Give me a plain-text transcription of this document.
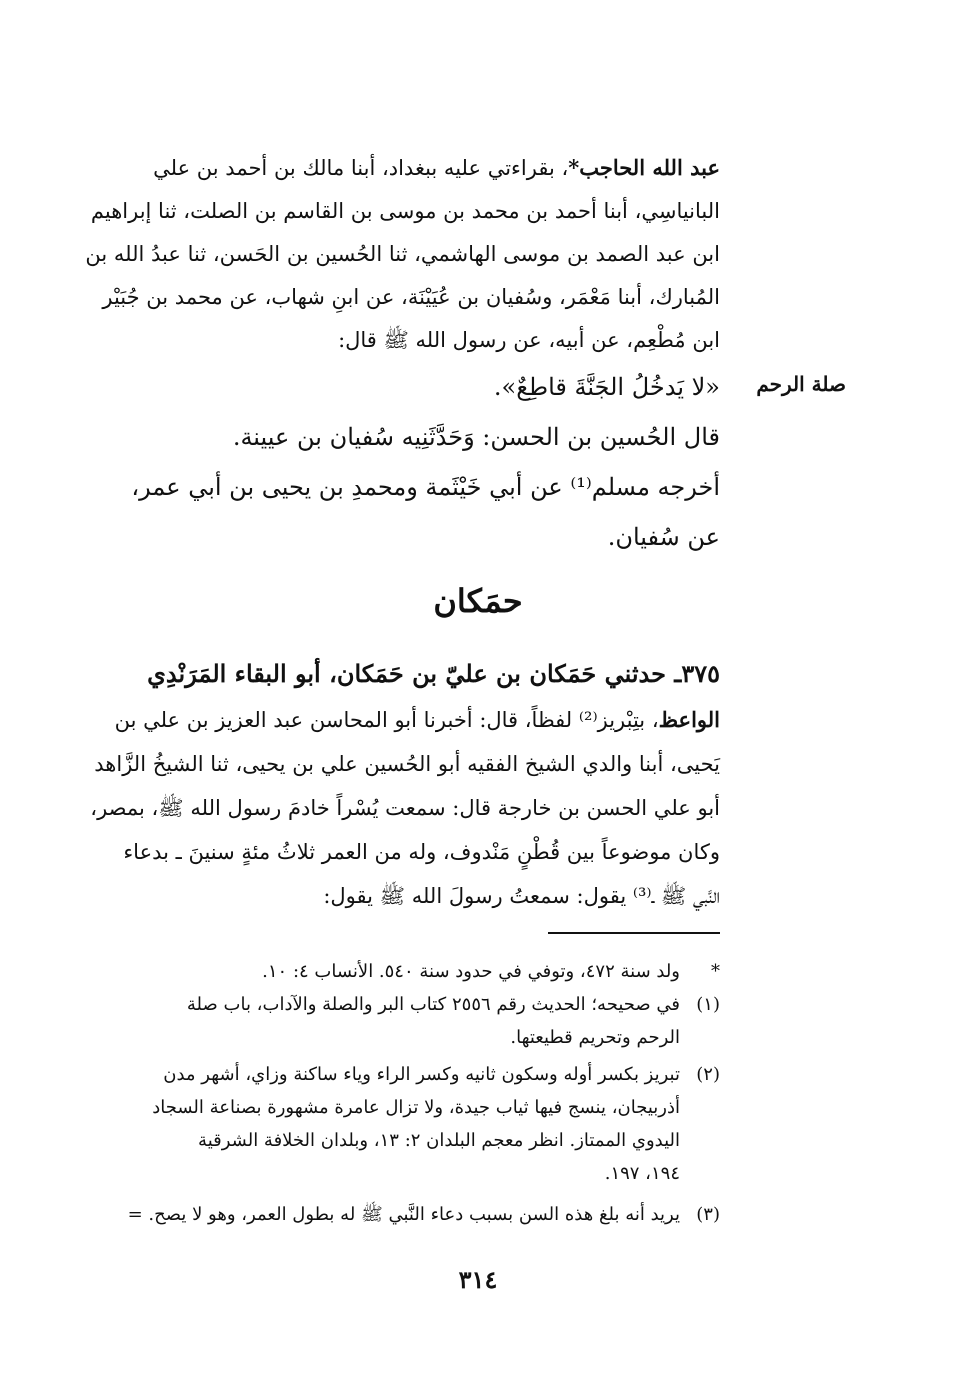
عبد الله الحاجب*، بقراءتي عليه ببغداد، أبنا مالك بن أحمد بن علي
البانياسِي، أبنا أحمد بن محمد بن موسى بن القاسم بن الصلت، ثنا إبراهيم
ابن عبد الصمد بن موسى الهاشمي، ثنا الحُسين بن الحَسن، ثنا عبدُ الله بن
المُبارك، أبنا مَعْمَر، وسُفيان بن عُيَيْنَة، عن ابنِ شهاب، عن محمد بن جُبَيْر
ابن مُطْعِم، عن أبيه، عن رسول الله ﷺ قال:
«لا يَدخُلُ الجَنَّةَ قاطِعٌ».
قال الحُسين بن الحسن: وَحَدَّثَنِيه سُفيان بن عيينة.
أخرجه مسلم⁽¹⁾ عن أبي خَيْثَمة ومحمدِ بن يحيى بن أبي عمر،
عن سُفيان.
صلة الرحم
حمَكان
٣٧٥ـ حدثني حَمَكان بن عليّ بن حَمَكان، أبو البقاء المَرَنْدِي
الواعظ، بتِبْريز⁽²⁾ لفظاً، قال: أخبرنا أبو المحاسن عبد العزيز بن علي بن
يَحيى، أبنا والدي الشيخ الفقيه أبو الحُسين علي بن يحيى، ثنا الشيخُ الزَّاهد
أبو علي الحسن بن خارجة قال: سمعت يُسْراً خادمَ رسول الله ﷺ، بمصر،
وكان موضوعاً بين قُطْنٍ مَنْدوف، وله من العمر ثلاثُ مئةٍ سنينَ ـ بدعاء
النَّبي ﷺ ـ⁽³⁾ يقول: سمعتُ رسولَ الله ﷺ يقول:
*ولد سنة ٤٧٢، وتوفي في حدود سنة ٥٤٠. الأنساب ٤: ١٠.
(١)
في صحيحه؛ الحديث رقم ٢٥٥٦ كتاب البر والصلة والآداب، باب صلة
الرحم وتحريم قطيعتها.
(٢)
تبريز بكسر أوله وسكون ثانيه وكسر الراء وياء ساكنة وزاي، أشهر مدن
أذربيجان، ينسج فيها ثياب جيدة، ولا تزال عامرة مشهورة بصناعة السجاد
اليدوي الممتاز. انظر معجم البلدان ٢: ١٣، وبلدان الخلافة الشرقية
١٩٤، ١٩٧.
(٣)يريد أنه بلغ هذه السن بسبب دعاء النَّبي ﷺ له بطول العمر، وهو لا يصح. =
٣١٤
